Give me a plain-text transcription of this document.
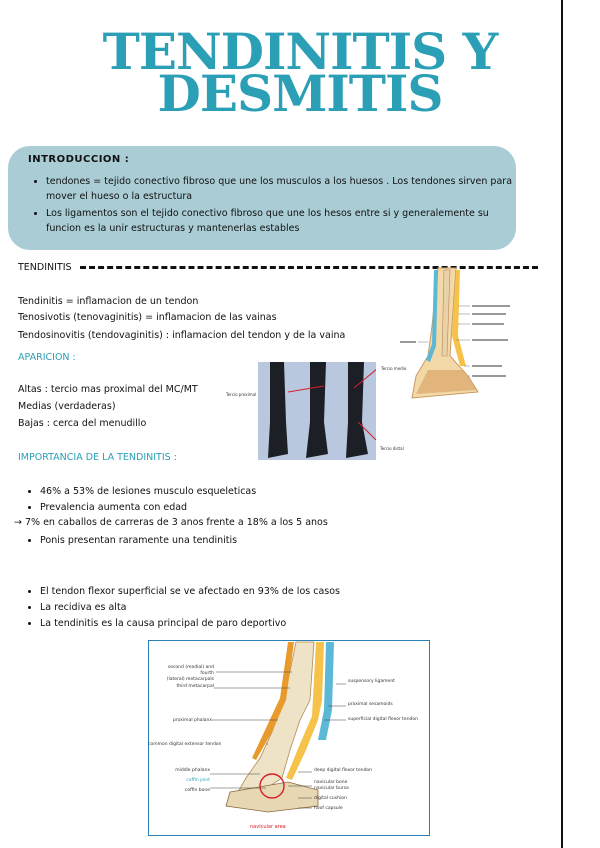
TENDINITIS Y
DESMITIS
INTRODUCCION :
• tendones = tejido conectivo fibroso que une los musculos a los huesos . Los tendones sirven para mover el hueso o la estructura
• Los ligamentos son el tejido conectivo fibroso que une los hesos entre si y generalemente su funcion es la unir estructuras y mantenerlas estables
TENDINITIS
Tendinitis = inflamacion de un tendon
Tenosivotis (tenovaginitis) = inflamacion de las vainas
Tendosinovitis (tendovaginitis) : inflamacion del tendon y de la vaina
APARICION :
Altas : tercio mas proximal del MC/MT
Medias (verdaderas)
Bajas : cerca del menudillo
IMPORTANCIA DE LA TENDINITIS :
• 46% a 53% de lesiones musculo esqueleticas
• Prevalencia aumenta con edad
→ 7% en caballos de carreras de 3 anos frente a 18% a los 5 anos
• Ponis presentan raramente una tendinitis
• El tendon flexor superficial se ve afectado en 93% de los casos
• La recidiva es alta
• La tendinitis es la causa principal de paro deportivo
Tercio proximal
Tercio medio
Tercio distal
second (medial) and fourth
(lateral) metacarpals
third metacarpal
proximal phalanx
common digital extensor tendon
middle phalanx
coffin joint
coffin bone
suspensory ligament
proximal sesamoids
superficial digital flexor tendon
deep digital flexor tendon
navicular bone
navicular bursa
digital cushion
hoof capsule
navicular area
